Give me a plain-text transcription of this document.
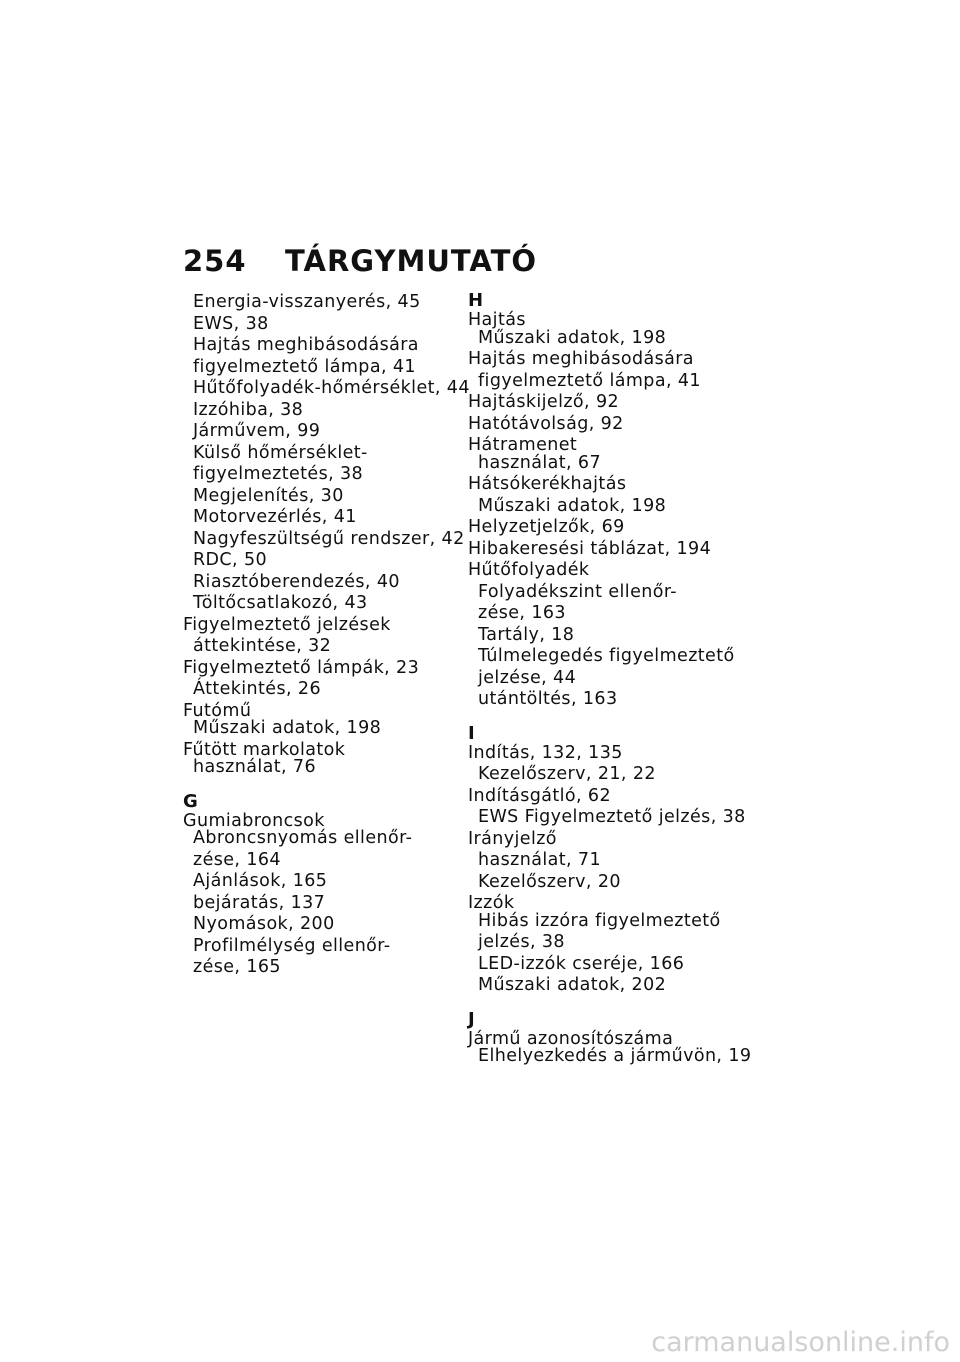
254 TÁRGYMUTATÓ
Energia-visszanyerés, 45
EWS, 38
Hajtás meghibásodására
figyelmeztető lámpa, 41
Hűtőfolyadék-hőmérséklet, 44
Izzóhiba, 38
Járművem, 99
Külső hőmérséklet-
figyelmeztetés, 38
Megjelenítés, 30
Motorvezérlés, 41
Nagyfeszültségű rendszer, 42
RDC, 50
Riasztóberendezés, 40
Töltőcsatlakozó, 43
Figyelmeztető jelzések
áttekintése, 32
Figyelmeztető lámpák, 23
Áttekintés, 26
Futómű
Műszaki adatok, 198
Fűtött markolatok
használat, 76
G
Gumiabroncsok
Abroncsnyomás ellenőr-
zése, 164
Ajánlások, 165
bejáratás, 137
Nyomások, 200
Profilmélység ellenőr-
zése, 165
H
Hajtás
Műszaki adatok, 198
Hajtás meghibásodására
figyelmeztető lámpa, 41
Hajtáskijelző, 92
Hatótávolság, 92
Hátramenet
használat, 67
Hátsókerékhajtás
Műszaki adatok, 198
Helyzetjelzők, 69
Hibakeresési táblázat, 194
Hűtőfolyadék
Folyadékszint ellenőr-
zése, 163
Tartály, 18
Túlmelegedés figyelmeztető
jelzése, 44
utántöltés, 163
I
Indítás, 132, 135
Kezelőszerv, 21, 22
Indításgátló, 62
EWS Figyelmeztető jelzés, 38
Irányjelző
használat, 71
Kezelőszerv, 20
Izzók
Hibás izzóra figyelmeztető
jelzés, 38
LED-izzók cseréje, 166
Műszaki adatok, 202
J
Jármű azonosítószáma
Elhelyezkedés a járművön, 19
carmanualsonline.info
